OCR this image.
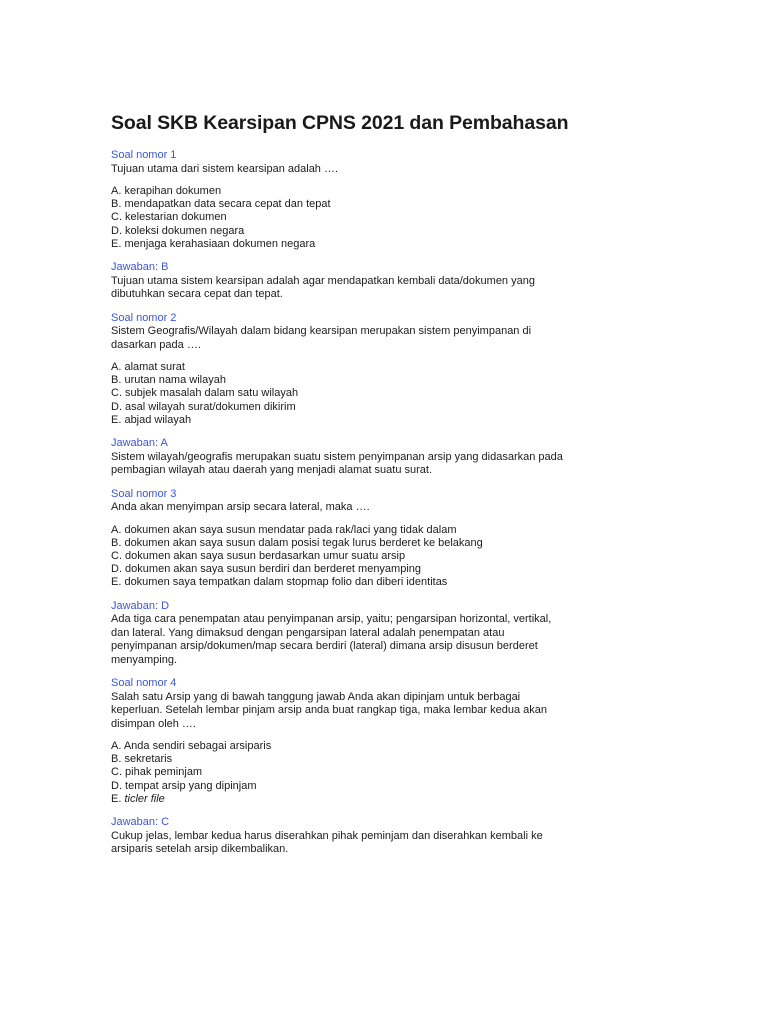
Soal SKB Kearsipan CPNS 2021 dan Pembahasan

Soal nomor 1

Tujuan utama dari sistem kearsipan adalah ….

A. kerapihan dokumen
B. mendapatkan data secara cepat dan tepat
C. kelestarian dokumen
D. koleksi dokumen negara
E. menjaga kerahasiaan dokumen negara

Jawaban: B

Tujuan utama sistem kearsipan adalah agar mendapatkan kembali data/dokumen yang dibutuhkan secara cepat dan tepat.

Soal nomor 2

Sistem Geografis/Wilayah dalam bidang kearsipan merupakan sistem penyimpanan di dasarkan pada ….

A. alamat surat
B. urutan nama wilayah
C. subjek masalah dalam satu wilayah
D. asal wilayah surat/dokumen dikirim
E. abjad wilayah

Jawaban: A

Sistem wilayah/geografis merupakan suatu sistem penyimpanan arsip yang didasarkan pada pembagian wilayah atau daerah yang menjadi alamat suatu surat.

Soal nomor 3

Anda akan menyimpan arsip secara lateral, maka ….

A. dokumen akan saya susun mendatar pada rak/laci yang tidak dalam
B. dokumen akan saya susun dalam posisi tegak lurus berderet ke belakang
C. dokumen akan saya susun berdasarkan umur suatu arsip
D. dokumen akan saya susun berdiri dan berderet menyamping
E. dokumen saya tempatkan dalam stopmap folio dan diberi identitas

Jawaban: D

Ada tiga cara penempatan atau penyimpanan arsip, yaitu; pengarsipan horizontal, vertikal, dan lateral. Yang dimaksud dengan pengarsipan lateral adalah penempatan atau penyimpanan arsip/dokumen/map secara berdiri (lateral) dimana arsip disusun berderet menyamping.

Soal nomor 4

Salah satu Arsip yang di bawah tanggung jawab Anda akan dipinjam untuk berbagai keperluan. Setelah lembar pinjam arsip anda buat rangkap tiga, maka lembar kedua akan disimpan oleh ….

A. Anda sendiri sebagai arsiparis
B. sekretaris
C. pihak peminjam
D. tempat arsip yang dipinjam
E. ticler file

Jawaban: C

Cukup jelas, lembar kedua harus diserahkan pihak peminjam dan diserahkan kembali ke arsiparis setelah arsip dikembalikan.
